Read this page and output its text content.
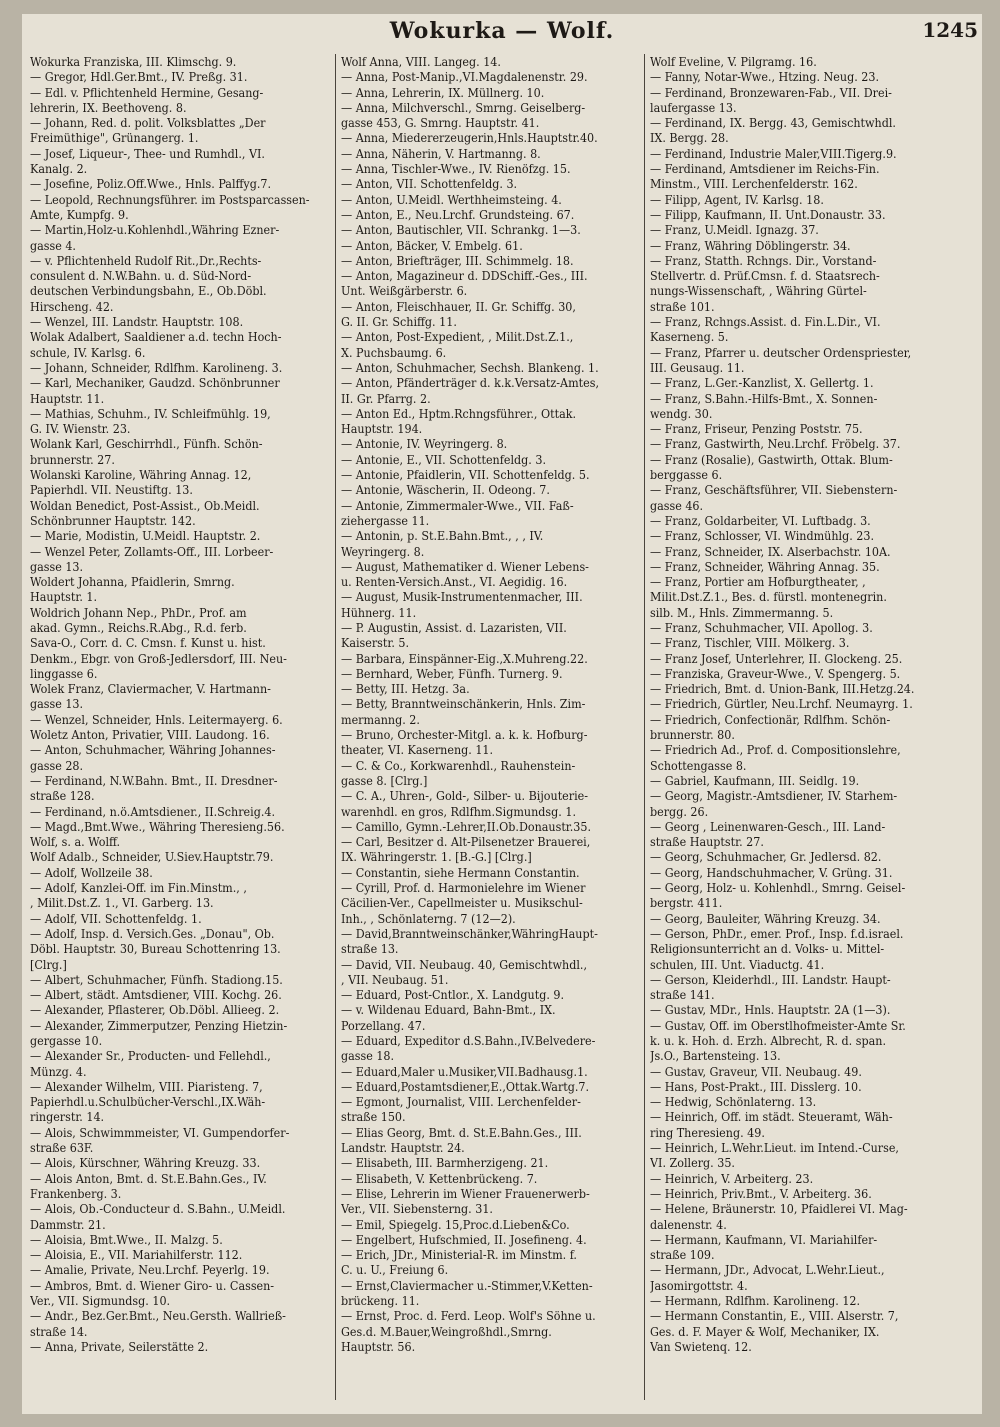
Wokurka — Wolf.	1245
Wokurka Franziska, III. Klimschg. 9.
— Gregor, Hdl.Ger.Bmt., IV. Preßg. 31.
— Edl. v. Pflichtenheld Hermine, Gesang-
lehrerin, IX. Beethoveng. 8.
— Johann, Red. d. polit. Volksblattes „Der
Freimüthige", Grünangerg. 1.
— Josef, Liqueur-, Thee- und Rumhdl., VI.
Kanalg. 2.
— Josefine, Poliz.Off.Wwe., Hnls. Palffyg.7.
— Leopold, Rechnungsführer. im Postsparcassen-
Amte, Kumpfg. 9.
— Martin,Holz-u.Kohlenhdl.,Währing Ezner-
gasse 4.
— v. Pflichtenheld Rudolf Rit.,Dr.,Rechts-
consulent d. N.W.Bahn. u. d. Süd-Nord-
deutschen Verbindungsbahn, E., Ob.Döbl.
Hirscheng. 42.
— Wenzel, III. Landstr. Hauptstr. 108.
Wolak Adalbert, Saaldiener a.d. techn Hoch-
schule, IV. Karlsg. 6.
— Johann, Schneider, Rdlfhm. Karolineng. 3.
— Karl, Mechaniker, Gaudzd. Schönbrunner
Hauptstr. 11.
— Mathias, Schuhm., IV. Schleifmühlg. 19,
G. IV. Wienstr. 23.
Wolank Karl, Geschirrhdl., Fünfh. Schön-
brunnerstr. 27.
Wolanski Karoline, Währing Annag. 12,
Papierhdl. VII. Neustiftg. 13.
Woldan Benedict, Post-Assist., Ob.Meidl.
Schönbrunner Hauptstr. 142.
— Marie, Modistin, U.Meidl. Hauptstr. 2.
— Wenzel Peter, Zollamts-Off., III. Lorbeer-
gasse 13.
Woldert Johanna, Pfaidlerin, Smrng.
Hauptstr. 1.
Woldrich Johann Nep., PhDr., Prof. am
akad. Gymn., Reichs.R.Abg., R.d. ferb.
Sava-O., Corr. d. C. Cmsn. f. Kunst u. hist.
Denkm., Ebgr. von Groß-Jedlersdorf, III. Neu-
linggasse 6.
Wolek Franz, Claviermacher, V. Hartmann-
gasse 13.
— Wenzel, Schneider, Hnls. Leitermayerg. 6.
Woletz Anton, Privatier, VIII. Laudong. 16.
— Anton, Schuhmacher, Währing Johannes-
gasse 28.
— Ferdinand, N.W.Bahn. Bmt., II. Dresdner-
straße 128.
— Ferdinand, n.ö.Amtsdiener., II.Schreig.4.
— Magd.,Bmt.Wwe., Währing Theresieng.56.
Wolf, s. a. Wolff.
Wolf Adalb., Schneider, U.Siev.Hauptstr.79.
— Adolf, Wollzeile 38.
— Adolf, Kanzlei-Off. im Fin.Minstm., ,
, Milit.Dst.Z. 1., VI. Garberg. 13.
— Adolf, VII. Schottenfeldg. 1.
— Adolf, Insp. d. Versich.Ges. „Donau", Ob.
Döbl. Hauptstr. 30, Bureau Schottenring 13.
[Clrg.]
— Albert, Schuhmacher, Fünfh. Stadiong.15.
— Albert, städt. Amtsdiener, VIII. Kochg. 26.
— Alexander, Pflasterer, Ob.Döbl. Allieeg. 2.
— Alexander, Zimmerputzer, Penzing Hietzin-
gergasse 10.
— Alexander Sr., Producten- und Fellehdl.,
Münzg. 4.
— Alexander Wilhelm, VIII. Piaristeng. 7,
Papierhdl.u.Schulbücher-Verschl.,IX.Wäh-
ringerstr. 14.
— Alois, Schwimmmeister, VI. Gumpendorfer-
straße 63F.
— Alois, Kürschner, Währing Kreuzg. 33.
— Alois Anton, Bmt. d. St.E.Bahn.Ges., IV.
Frankenberg. 3.
— Alois, Ob.-Conducteur d. S.Bahn., U.Meidl.
Dammstr. 21.
— Aloisia, Bmt.Wwe., II. Malzg. 5.
— Aloisia, E., VII. Mariahilferstr. 112.
— Amalie, Private, Neu.Lrchf. Peyerlg. 19.
— Ambros, Bmt. d. Wiener Giro- u. Cassen-
Ver., VII. Sigmundsg. 10.
— Andr., Bez.Ger.Bmt., Neu.Gersth. Wallrieß-
straße 14.
— Anna, Private, Seilerstätte 2.
Wolf Anna, VIII. Langeg. 14.
— Anna, Post-Manip.,VI.Magdalenenstr. 29.
— Anna, Lehrerin, IX. Müllnerg. 10.
— Anna, Milchverschl., Smrng. Geiselberg-
gasse 453, G. Smrng. Hauptstr. 41.
— Anna, Miedererzeugerin,Hnls.Hauptstr.40.
— Anna, Näherin, V. Hartmanng. 8.
— Anna, Tischler-Wwe., IV. Rienöfzg. 15.
— Anton, VII. Schottenfeldg. 3.
— Anton, U.Meidl. Werthheimsteing. 4.
— Anton, E., Neu.Lrchf. Grundsteing. 67.
— Anton, Bautischler, VII. Schrankg. 1—3.
— Anton, Bäcker, V. Embelg. 61.
— Anton, Briefträger, III. Schimmelg. 18.
— Anton, Magazineur d. DDSchiff.-Ges., III.
Unt. Weißgärberstr. 6.
— Anton, Fleischhauer, II. Gr. Schiffg. 30,
G. II. Gr. Schiffg. 11.
— Anton, Post-Expedient, , Milit.Dst.Z.1.,
X. Puchsbaumg. 6.
— Anton, Schuhmacher, Sechsh. Blankeng. 1.
— Anton, Pfänderträger d. k.k.Versatz-Amtes,
II. Gr. Pfarrg. 2.
— Anton Ed., Hptm.Rchngsführer., Ottak.
Hauptstr. 194.
— Antonie, IV. Weyringerg. 8.
— Antonie, E., VII. Schottenfeldg. 3.
— Antonie, Pfaidlerin, VII. Schottenfeldg. 5.
— Antonie, Wäscherin, II. Odeong. 7.
— Antonie, Zimmermaler-Wwe., VII. Faß-
ziehergasse 11.
— Antonin, p. St.E.Bahn.Bmt., , , IV.
Weyringerg. 8.
— August, Mathematiker d. Wiener Lebens-
u. Renten-Versich.Anst., VI. Aegidig. 16.
— August, Musik-Instrumentenmacher, III.
Hühnerg. 11.
— P. Augustin, Assist. d. Lazaristen, VII.
Kaiserstr. 5.
— Barbara, Einspänner-Eig.,X.Muhreng.22.
— Bernhard, Weber, Fünfh. Turnerg. 9.
— Betty, III. Hetzg. 3a.
— Betty, Branntweinschänkerin, Hnls. Zim-
mermanng. 2.
— Bruno, Orchester-Mitgl. a. k. k. Hofburg-
theater, VI. Kaserneng. 11.
— C. & Co., Korkwarenhdl., Rauhenstein-
gasse 8. [Clrg.]
— C. A., Uhren-, Gold-, Silber- u. Bijouterie-
warenhdl. en gros, Rdlfhm.Sigmundsg. 1.
— Camillo, Gymn.-Lehrer,II.Ob.Donaustr.35.
— Carl, Besitzer d. Alt-Pilsenetzer Brauerei,
IX. Währingerstr. 1. [B.-G.] [Clrg.]
— Constantin, siehe Hermann Constantin.
— Cyrill, Prof. d. Harmonielehre im Wiener
Cäcilien-Ver., Capellmeister u. Musikschul-
Inh., , Schönlaterng. 7 (12—2).
— David,Branntweinschänker,WähringHaupt-
straße 13.
— David, VII. Neubaug. 40, Gemischtwhdl.,
, VII. Neubaug. 51.
— Eduard, Post-Cntlor., X. Landgutg. 9.
— v. Wildenau Eduard, Bahn-Bmt., IX.
Porzellang. 47.
— Eduard, Expeditor d.S.Bahn.,IV.Belvedere-
gasse 18.
— Eduard,Maler u.Musiker,VII.Badhausg.1.
— Eduard,Postamtsdiener,E.,Ottak.Wartg.7.
— Egmont, Journalist, VIII. Lerchenfelder-
straße 150.
— Elias Georg, Bmt. d. St.E.Bahn.Ges., III.
Landstr. Hauptstr. 24.
— Elisabeth, III. Barmherzigeng. 21.
— Elisabeth, V. Kettenbrückeng. 7.
— Elise, Lehrerin im Wiener Frauenerwerb-
Ver., VII. Siebensterng. 31.
— Emil, Spiegelg. 15,Proc.d.Lieben&Co.
— Engelbert, Hufschmied, II. Josefineng. 4.
— Erich, JDr., Ministerial-R. im Minstm. f.
C. u. U., Freiung 6.
— Ernst,Claviermacher u.-Stimmer,V.Ketten-
brückeng. 11.
— Ernst, Proc. d. Ferd. Leop. Wolf's Söhne u.
Ges.d. M.Bauer,Weingroßhdl.,Smrng.
Hauptstr. 56.
Wolf Eveline, V. Pilgramg. 16.
— Fanny, Notar-Wwe., Htzing. Neug. 23.
— Ferdinand, Bronzewaren-Fab., VII. Drei-
laufergasse 13.
— Ferdinand, IX. Bergg. 43, Gemischtwhdl.
IX. Bergg. 28.
— Ferdinand, Industrie Maler,VIII.Tigerg.9.
— Ferdinand, Amtsdiener im Reichs-Fin.
Minstm., VIII. Lerchenfelderstr. 162.
— Filipp, Agent, IV. Karlsg. 18.
— Filipp, Kaufmann, II. Unt.Donaustr. 33.
— Franz, U.Meidl. Ignazg. 37.
— Franz, Währing Döblingerstr. 34.
— Franz, Statth. Rchngs. Dir., Vorstand-
Stellvertr. d. Prüf.Cmsn. f. d. Staatsrech-
nungs-Wissenschaft, , Währing Gürtel-
straße 101.
— Franz, Rchngs.Assist. d. Fin.L.Dir., VI.
Kaserneng. 5.
— Franz, Pfarrer u. deutscher Ordenspriester,
III. Geusaug. 11.
— Franz, L.Ger.-Kanzlist, X. Gellertg. 1.
— Franz, S.Bahn.-Hilfs-Bmt., X. Sonnen-
wendg. 30.
— Franz, Friseur, Penzing Poststr. 75.
— Franz, Gastwirth, Neu.Lrchf. Fröbelg. 37.
— Franz (Rosalie), Gastwirth, Ottak. Blum-
berggasse 6.
— Franz, Geschäftsführer, VII. Siebenstern-
gasse 46.
— Franz, Goldarbeiter, VI. Luftbadg. 3.
— Franz, Schlosser, VI. Windmühlg. 23.
— Franz, Schneider, IX. Alserbachstr. 10A.
— Franz, Schneider, Währing Annag. 35.
— Franz, Portier am Hofburgtheater, ,
Milit.Dst.Z.1., Bes. d. fürstl. montenegrin.
silb. M., Hnls. Zimmermanng. 5.
— Franz, Schuhmacher, VII. Apollog. 3.
— Franz, Tischler, VIII. Mölkerg. 3.
— Franz Josef, Unterlehrer, II. Glockeng. 25.
— Franziska, Graveur-Wwe., V. Spengerg. 5.
— Friedrich, Bmt. d. Union-Bank, III.Hetzg.24.
— Friedrich, Gürtler, Neu.Lrchf. Neumayrg. 1.
— Friedrich, Confectionär, Rdlfhm. Schön-
brunnerstr. 80.
— Friedrich Ad., Prof. d. Compositionslehre,
Schottengasse 8.
— Gabriel, Kaufmann, III. Seidlg. 19.
— Georg, Magistr.-Amtsdiener, IV. Starhem-
bergg. 26.
— Georg , Leinenwaren-Gesch., III. Land-
straße Hauptstr. 27.
— Georg, Schuhmacher, Gr. Jedlersd. 82.
— Georg, Handschuhmacher, V. Grüng. 31.
— Georg, Holz- u. Kohlenhdl., Smrng. Geisel-
bergstr. 411.
— Georg, Bauleiter, Währing Kreuzg. 34.
— Gerson, PhDr., emer. Prof., Insp. f.d.israel.
Religionsunterricht an d. Volks- u. Mittel-
schulen, III. Unt. Viaductg. 41.
— Gerson, Kleiderhdl., III. Landstr. Haupt-
straße 141.
— Gustav, MDr., Hnls. Hauptstr. 2A (1—3).
— Gustav, Off. im Oberstlhofmeister-Amte Sr.
k. u. k. Hoh. d. Erzh. Albrecht, R. d. span.
Js.O., Bartensteing. 13.
— Gustav, Graveur, VII. Neubaug. 49.
— Hans, Post-Prakt., III. Disslerg. 10.
— Hedwig, Schönlaterng. 13.
— Heinrich, Off. im städt. Steueramt, Wäh-
ring Theresieng. 49.
— Heinrich, L.Wehr.Lieut. im Intend.-Curse,
VI. Zollerg. 35.
— Heinrich, V. Arbeiterg. 23.
— Heinrich, Priv.Bmt., V. Arbeiterg. 36.
— Helene, Bräunerstr. 10, Pfaidlerei VI. Mag-
dalenenstr. 4.
— Hermann, Kaufmann, VI. Mariahilfer-
straße 109.
— Hermann, JDr., Advocat, L.Wehr.Lieut.,
Jasomirgottstr. 4.
— Hermann, Rdlfhm. Karolineng. 12.
— Hermann Constantin, E., VIII. Alserstr. 7,
Ges. d. F. Mayer & Wolf, Mechaniker, IX.
Van Swietenq. 12.
